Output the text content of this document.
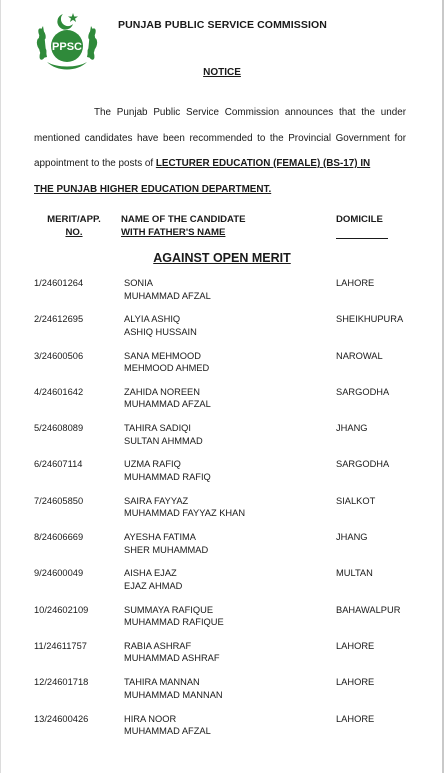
PPSC
PUNJAB PUBLIC SERVICE COMMISSION
NOTICE
The Punjab Public Service Commission announces that the under
mentioned candidates have been recommended to the Provincial Government for
appointment to the posts of LECTURER EDUCATION (FEMALE) (BS-17) IN
THE PUNJAB HIGHER EDUCATION DEPARTMENT.
MERIT/APP.
NO.
NAME OF THE CANDIDATE
WITH FATHER'S NAME
DOMICILE
AGAINST OPEN MERIT
1/24601264	SONIA
MUHAMMAD AFZAL
LAHORE
2/24612695	ALYIA ASHIQ
ASHIQ HUSSAIN
SHEIKHUPURA
3/24600506	SANA MEHMOOD
MEHMOOD AHMED
NAROWAL
4/24601642	ZAHIDA NOREEN
MUHAMMAD AFZAL
SARGODHA
5/24608089	TAHIRA SADIQI
SULTAN AHMMAD
JHANG
6/24607114	UZMA RAFIQ
MUHAMMAD RAFIQ
SARGODHA
7/24605850	SAIRA FAYYAZ
MUHAMMAD FAYYAZ KHAN
SIALKOT
8/24606669	AYESHA FATIMA
SHER MUHAMMAD
JHANG
9/24600049	AISHA EJAZ
EJAZ AHMAD
MULTAN
10/24602109	SUMMAYA RAFIQUE
MUHAMMAD RAFIQUE
BAHAWALPUR
11/24611757	RABIA ASHRAF
MUHAMMAD ASHRAF
LAHORE
12/24601718	TAHIRA MANNAN
MUHAMMAD MANNAN
LAHORE
13/24600426	HIRA NOOR
MUHAMMAD AFZAL
LAHORE
